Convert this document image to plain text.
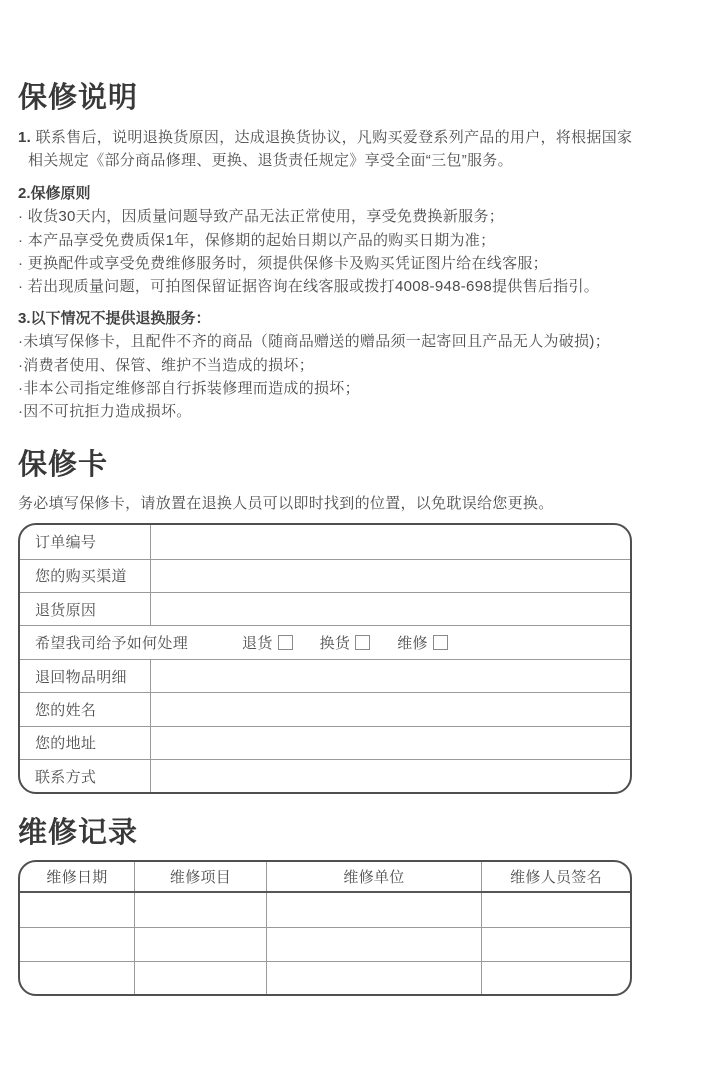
保修说明
1. 联系售后，说明退换货原因，达成退换货协议，凡购买爱登系列产品的用户，将根据国家
相关规定《部分商品修理、更换、退货责任规定》享受全面“三包”服务。
2.保修原则
· 收货30天内，因质量问题导致产品无法正常使用，享受免费换新服务；
· 本产品享受免费质保1年，保修期的起始日期以产品的购买日期为准；
· 更换配件或享受免费维修服务时，须提供保修卡及购买凭证图片给在线客服；
· 若出现质量问题，可拍图保留证据咨询在线客服或拨打4008-948-698提供售后指引。
3.以下情况不提供退换服务：
·未填写保修卡，且配件不齐的商品（随商品赠送的赠品须一起寄回且产品无人为破损)；
·消费者使用、保管、维护不当造成的损坏；
·非本公司指定维修部自行拆装修理而造成的损坏；
·因不可抗拒力造成损坏。
保修卡
务必填写保修卡，请放置在退换人员可以即时找到的位置，以免耽误给您更换。
订单编号
您的购买渠道
退货原因
希望我司给予如何处理	退货	换货	维修
退回物品明细
您的姓名
您的地址
联系方式
维修记录
维修日期	维修项目	维修单位	维修人员签名
